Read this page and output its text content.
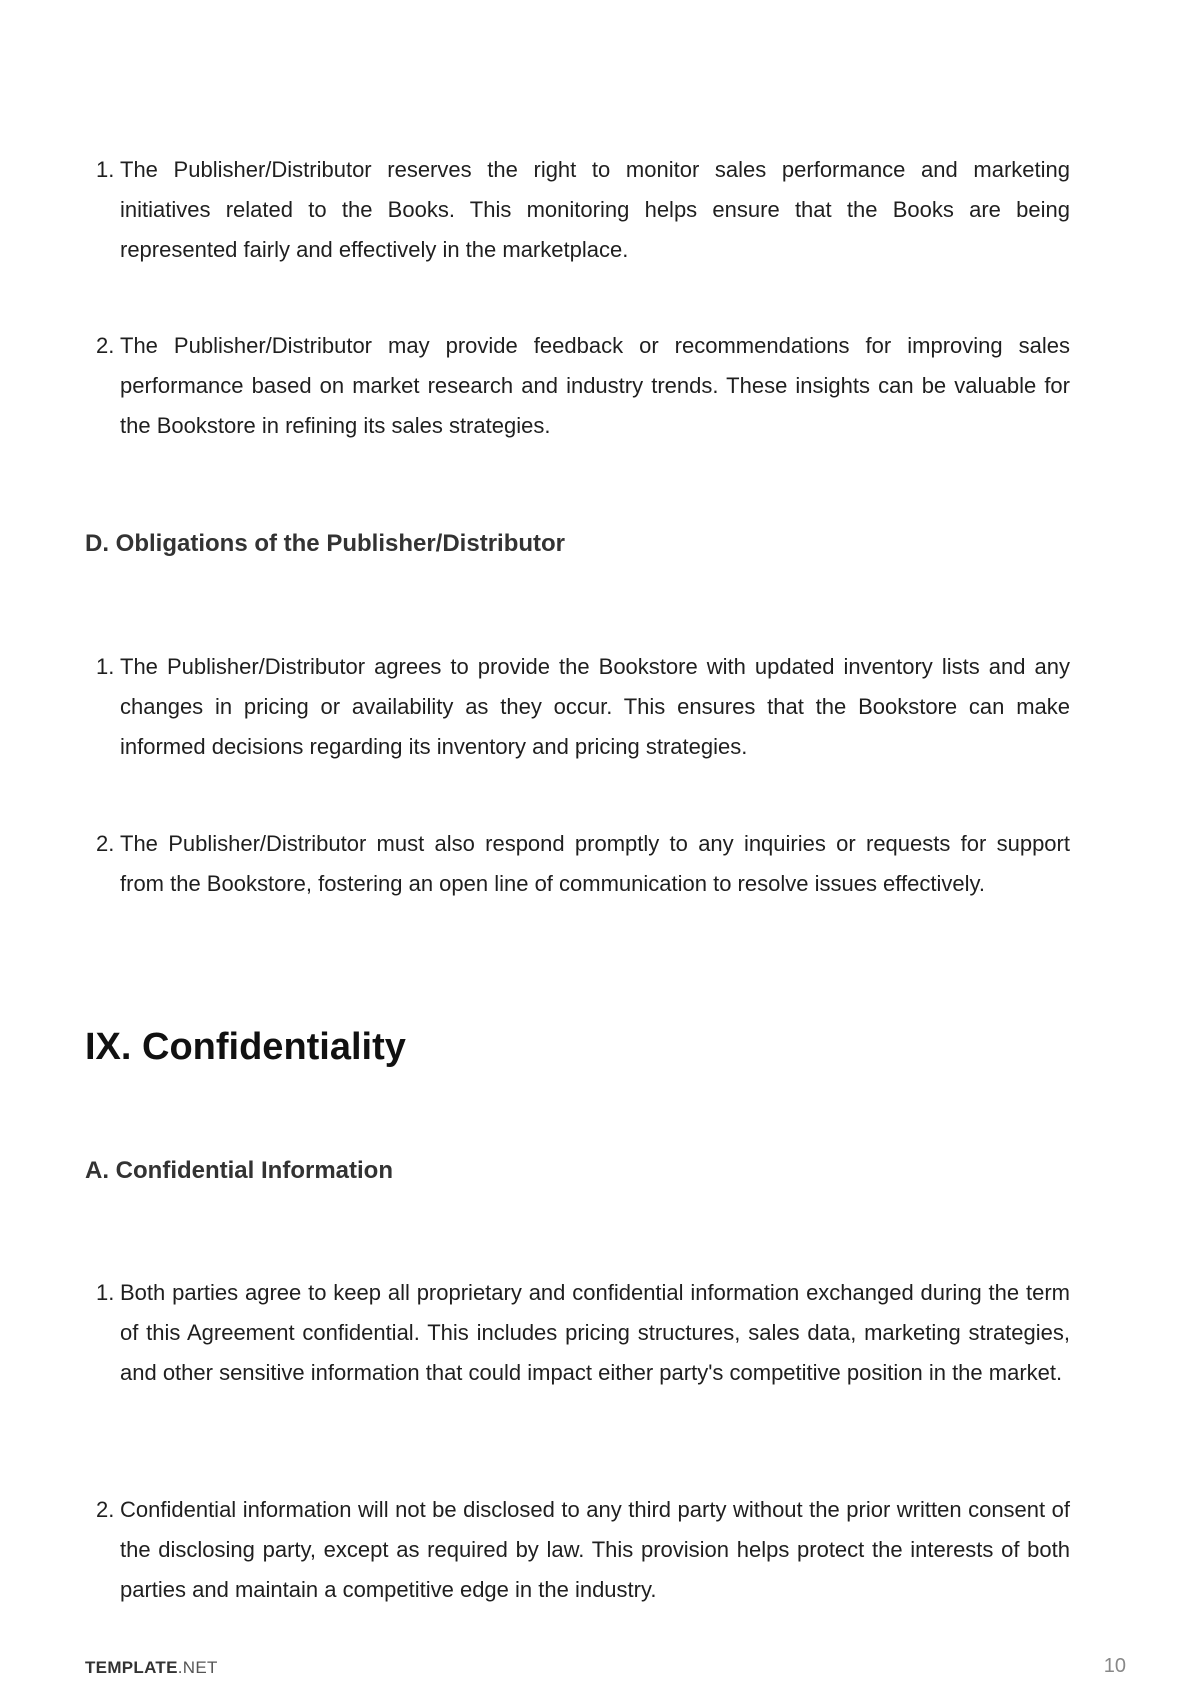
1. The Publisher/Distributor reserves the right to monitor sales performance and marketing initiatives related to the Books. This monitoring helps ensure that the Books are being represented fairly and effectively in the marketplace.
2. The Publisher/Distributor may provide feedback or recommendations for improving sales performance based on market research and industry trends. These insights can be valuable for the Bookstore in refining its sales strategies.
D. Obligations of the Publisher/Distributor
1. The Publisher/Distributor agrees to provide the Bookstore with updated inventory lists and any changes in pricing or availability as they occur. This ensures that the Bookstore can make informed decisions regarding its inventory and pricing strategies.
2. The Publisher/Distributor must also respond promptly to any inquiries or requests for support from the Bookstore, fostering an open line of communication to resolve issues effectively.
IX. Confidentiality
A. Confidential Information
1. Both parties agree to keep all proprietary and confidential information exchanged during the term of this Agreement confidential. This includes pricing structures, sales data, marketing strategies, and other sensitive information that could impact either party's competitive position in the market.
2. Confidential information will not be disclosed to any third party without the prior written consent of the disclosing party, except as required by law. This provision helps protect the interests of both parties and maintain a competitive edge in the industry.
TEMPLATE.NET	10
